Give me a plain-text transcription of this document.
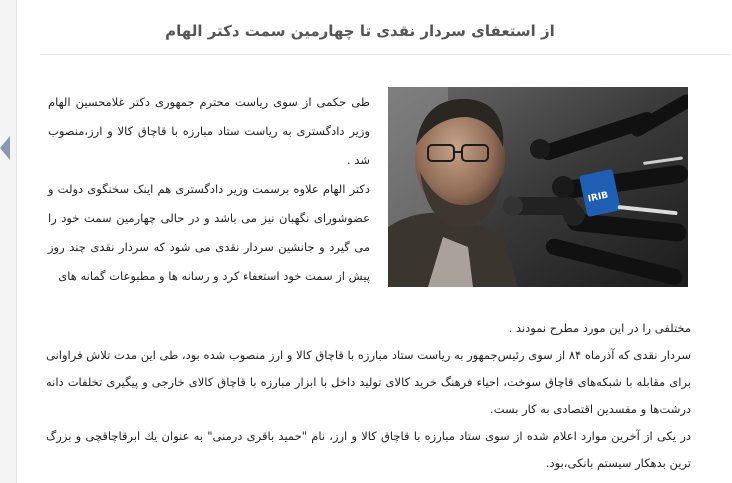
از استعفای سردار نقدی تا چهارمین سمت دکتر الهام
IRIB

طی حکمی از سوی ریاست محترم جمهوری دکتر غلامحسین الهام وزیر دادگستری به ریاست ستاد مبارزه با قاچاق کالا و ارز،منصوب شد .

دکتر الهام علاوه برسمت وزیر دادگستری هم اینک سخنگوی دولت و عضوشورای نگهبان نیز می باشد و در حالی چهارمین سمت خود را می گیرد و جانشین سردار نقدی می شود که سردار نقدی چند روز پیش از سمت خود استعفاء کرد و رسانه ها و مطبوعات گمانه های

مختلفی را در این مورد مطرح نمودند .

سردار نقدی که آذرماه ۸۴ از سوی رئیس‌جمهور به ریاست ستاد مبارزه با قاچاق کالا و ارز منصوب شده بود، طی این مدت تلاش فراوانی برای مقابله با شبکه‌های قاچاق سوخت، احیاء فرهنگ خرید کالای تولید داخل با ابزار مبارزه با قاچاق کالای خارجی و پیگیری تخلفات دانه درشت‌ها و مفسدین اقتصادی به کار بست.

در یکی از آخرین موارد اعلام شده از سوی ستاد مبارزه با قاچاق کالا و ارز، نام "حمید باقری درمنی" به عنوان یك ابرقاچاقچی و بزرگ ترین بدهکار سیستم بانکی،بود.
